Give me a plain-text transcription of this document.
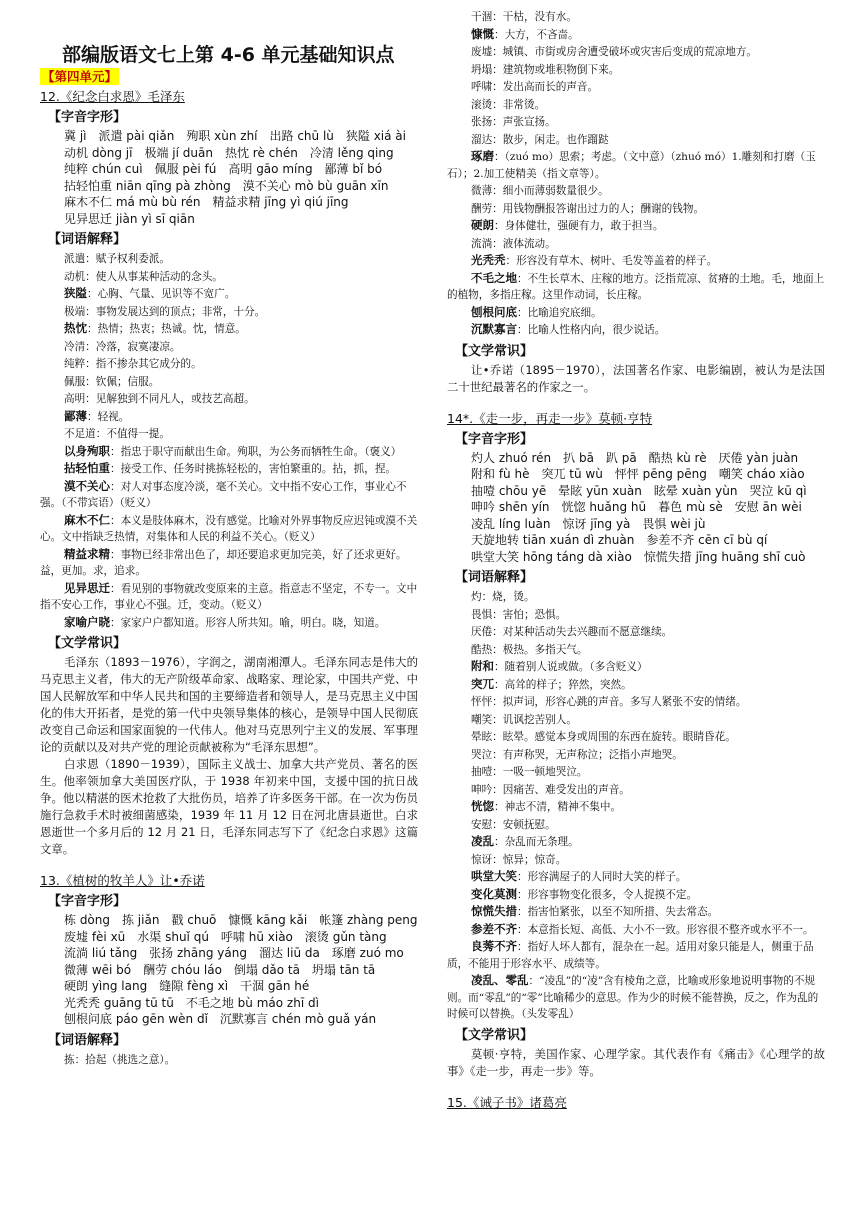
部编版语文七上第 4-6 单元基础知识点
【第四单元】
12.《纪念白求恩》毛泽东
【字音字形】
冀 jì　派遣 pài qiǎn　殉职 xùn zhí　出路 chū lù　狭隘 xiá ài
动机 dòng jī　极端 jí duān　热忱 rè chén　冷清 lěng qing
纯粹 chún cuì　佩服 pèi fú　高明 gāo míng　鄙薄 bǐ bó
拈轻怕重 niān qīng pà zhòng　漠不关心 mò bù guān xīn
麻木不仁 má mù bù rén　精益求精 jīng yì qiú jīng
见异思迁 jiàn yì sī qiān
【词语解释】
派遣：赋予权利委派。
动机：使人从事某种活动的念头。
狭隘：心胸、气量、见识等不宽广。
极端：事物发展达到的顶点；非常，十分。
热忱：热情；热衷；热诚。忱，情意。
冷清：冷落，寂寞凄凉。
纯粹：指不掺杂其它成分的。
佩服：钦佩；信服。
高明：见解独到不同凡人，或技艺高超。
鄙薄：轻视。
不足道：不值得一提。
以身殉职：指忠于职守而献出生命。殉职，为公务而牺牲生命。（褒义）
拈轻怕重：接受工作、任务时挑拣轻松的，害怕繁重的。拈，抓，捏。
漠不关心：对人对事态度冷淡，毫不关心。文中指不安心工作，事业心不强。（不带宾语）（贬义）
麻木不仁：本义是肢体麻木，没有感觉。比喻对外界事物反应迟钝或漠不关心。文中指缺乏热情，对集体和人民的利益不关心。（贬义）
精益求精：事物已经非常出色了，却还要追求更加完美，好了还求更好。益，更加。求，追求。
见异思迁：看见别的事物就改变原来的主意。指意志不坚定，不专一。文中指不安心工作，事业心不强。迁，变动。（贬义）
家喻户晓：家家户户都知道。形容人所共知。喻，明白。晓，知道。
【文学常识】
毛泽东（1893－1976），字润之，湖南湘潭人。毛泽东同志是伟大的马克思主义者，伟大的无产阶级革命家、战略家、理论家，中国共产党、中国人民解放军和中华人民共和国的主要缔造者和领导人，是马克思主义中国化的伟大开拓者，是党的第一代中央领导集体的核心，是领导中国人民彻底改变自己命运和国家面貌的一代伟人。他对马克思列宁主义的发展、军事理论的贡献以及对共产党的理论贡献被称为“毛泽东思想”。
白求恩（1890－1939），国际主义战士、加拿大共产党员、著名的医生。他率领加拿大美国医疗队，于 1938 年初来中国，支援中国的抗日战争。他以精湛的医术抢救了大批伤员，培养了许多医务干部。在一次为伤员施行急救手术时被细菌感染，1939 年 11 月 12 日在河北唐县逝世。白求恩逝世一个多月后的 12 月 21 日，毛泽东同志写下了《纪念白求恩》这篇文章。
13.《植树的牧羊人》让•乔诺
【字音字形】
栋 dòng　拣 jiǎn　戳 chuō　慷慨 kāng kǎi　帐篷 zhàng peng
废墟 fèi xū　水渠 shuǐ qú　呼啸 hū xiào　滚烫 gǔn tàng
流淌 liú tǎng　张扬 zhāng yáng　溜达 liū da　琢磨 zuó mo
微薄 wēi bó　酬劳 chóu láo　倒塌 dǎo tā　坍塌 tān tā
硬朗 yìng lang　缝隙 fèng xì　干涸 gān hé
光秃秃 guāng tū tū　不毛之地 bù máo zhī dì
刨根问底 páo gēn wèn dǐ　沉默寡言 chén mò guǎ yán
【词语解释】
拣：拾起（挑选之意）。
干涸：干枯，没有水。
慷慨：大方，不吝啬。
废墟：城镇、市街或房舍遭受破坏或灾害后变成的荒凉地方。
坍塌：建筑物或堆积物倒下来。
呼啸：发出高而长的声音。
滚烫：非常烫。
张扬：声张宣扬。
溜达：散步，闲走。也作蹓跶
琢磨：（zuó mo）思索；考虑。（文中意）（zhuó mó）1.雕刻和打磨（玉石）；2.加工使精美（指文章等）。
微薄：细小而薄弱数量很少。
酬劳：用钱物酬报答谢出过力的人；酬谢的钱物。
硬朗：身体健壮，强硬有力，敢于担当。
流淌：液体流动。
光秃秃：形容没有草木、树叶、毛发等盖着的样子。
不毛之地：不生长草木、庄稼的地方。泛指荒凉、贫瘠的土地。毛，地面上的植物，多指庄稼。这里作动词，长庄稼。
刨根问底：比喻追究底细。
沉默寡言：比喻人性格内向，很少说话。
【文学常识】
让•乔诺（1895－1970），法国著名作家、电影编剧，被认为是法国二十世纪最著名的作家之一。
14*.《走一步，再走一步》莫顿·亨特
【字音字形】
灼人 zhuó rén　扒 bā　趴 pā　酷热 kù rè　厌倦 yàn juàn
附和 fù hè　突兀 tū wù　怦怦 pēng pēng　嘲笑 cháo xiào
抽噎 chōu yē　晕眩 yūn xuàn　眩晕 xuàn yùn　哭泣 kū qì
呻吟 shēn yín　恍惚 huǎng hū　暮色 mù sè　安慰 ān wèi
凌乱 líng luàn　惊讶 jīng yà　畏惧 wèi jù
天旋地转 tiān xuán dì zhuàn　参差不齐 cēn cī bù qí
哄堂大笑 hōng táng dà xiào　惊慌失措 jīng huāng shī cuò
【词语解释】
灼：烧，烫。
畏惧：害怕；恐惧。
厌倦：对某种活动失去兴趣而不愿意继续。
酷热：极热。多指天气。
附和：随着别人说或做。（多含贬义）
突兀：高耸的样子；猝然，突然。
怦怦：拟声词，形容心跳的声音。多写人紧张不安的情绪。
嘲笑：讥讽挖苦别人。
晕眩：眩晕。感觉本身或周围的东西在旋转。眼睛昏花。
哭泣：有声称哭，无声称泣；泛指小声地哭。
抽噎：一吸一顿地哭泣。
呻吟：因痛苦、难受发出的声音。
恍惚：神志不清，精神不集中。
安慰：安顿抚慰。
凌乱：杂乱而无条理。
惊讶：惊异；惊奇。
哄堂大笑：形容满屋子的人同时大笑的样子。
变化莫测：形容事物变化很多，令人捉摸不定。
惊慌失措：指害怕紧张，以至不知所措、失去常态。
参差不齐：本意指长短、高低、大小不一致。形容很不整齐或水平不一。
良莠不齐：指好人坏人都有，混杂在一起。适用对象只能是人，侧重于品质，不能用于形容水平、成绩等。
凌乱、零乱：“凌乱”的“凌”含有棱角之意，比喻或形象地说明事物的不规则。而“零乱”的“零”比喻稀少的意思。作为少的时候不能替换，反之，作为乱的时候可以替换。（头发零乱）
【文学常识】
莫顿·亨特，美国作家、心理学家。其代表作有《痛击》《心理学的故事》《走一步，再走一步》等。
15.《诫子书》诸葛亮
